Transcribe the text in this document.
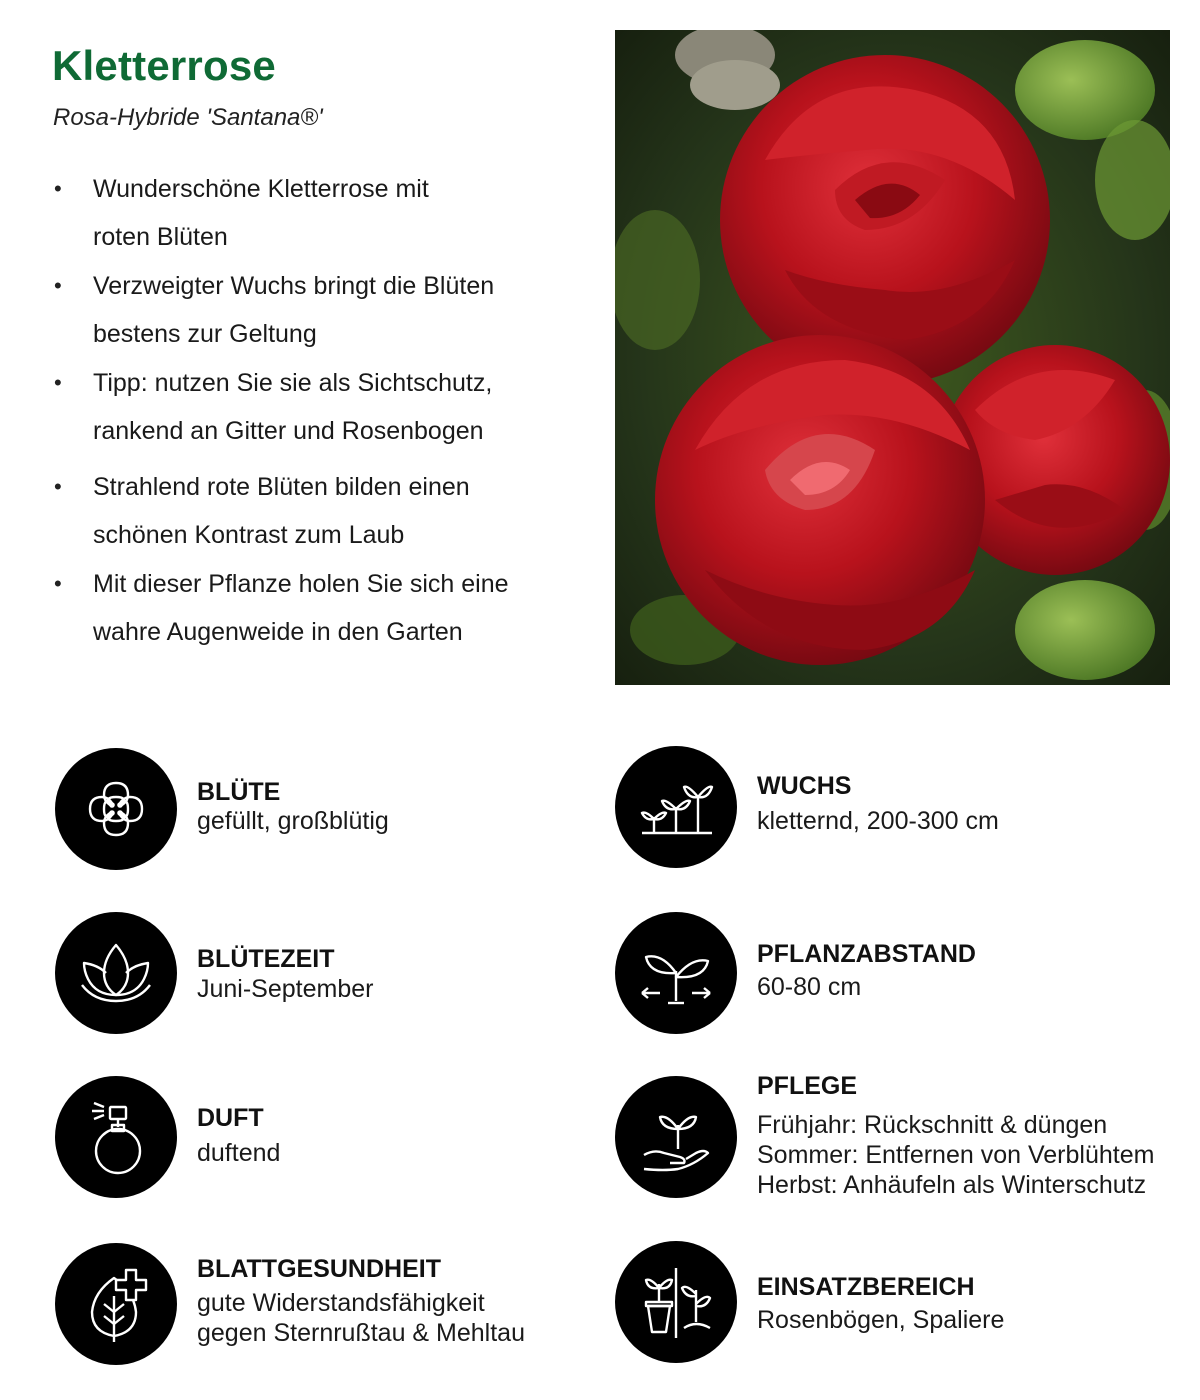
Kletterrose
Rosa-Hybride 'Santana®'
• Wunderschöne Kletterrose mit
roten Blüten
• Verzweigter Wuchs bringt die Blüten
bestens zur Geltung
• Tipp: nutzen Sie sie als Sichtschutz,
rankend an Gitter und Rosenbogen
• Strahlend rote Blüten bilden einen
schönen Kontrast zum Laub
• Mit dieser Pflanze holen Sie sich eine
wahre Augenweide in den Garten
BLÜTE
gefüllt, großblütig
BLÜTEZEIT
Juni-September
DUFT
duftend
BLATTGESUNDHEIT
gute Widerstandsfähigkeit
gegen Sternrußtau & Mehltau
WUCHS
kletternd, 200-300 cm
PFLANZABSTAND
60-80 cm
PFLEGE
Frühjahr: Rückschnitt & düngen
Sommer: Entfernen von Verblühtem
Herbst: Anhäufeln als Winterschutz
EINSATZBEREICH
Rosenbögen, Spaliere
